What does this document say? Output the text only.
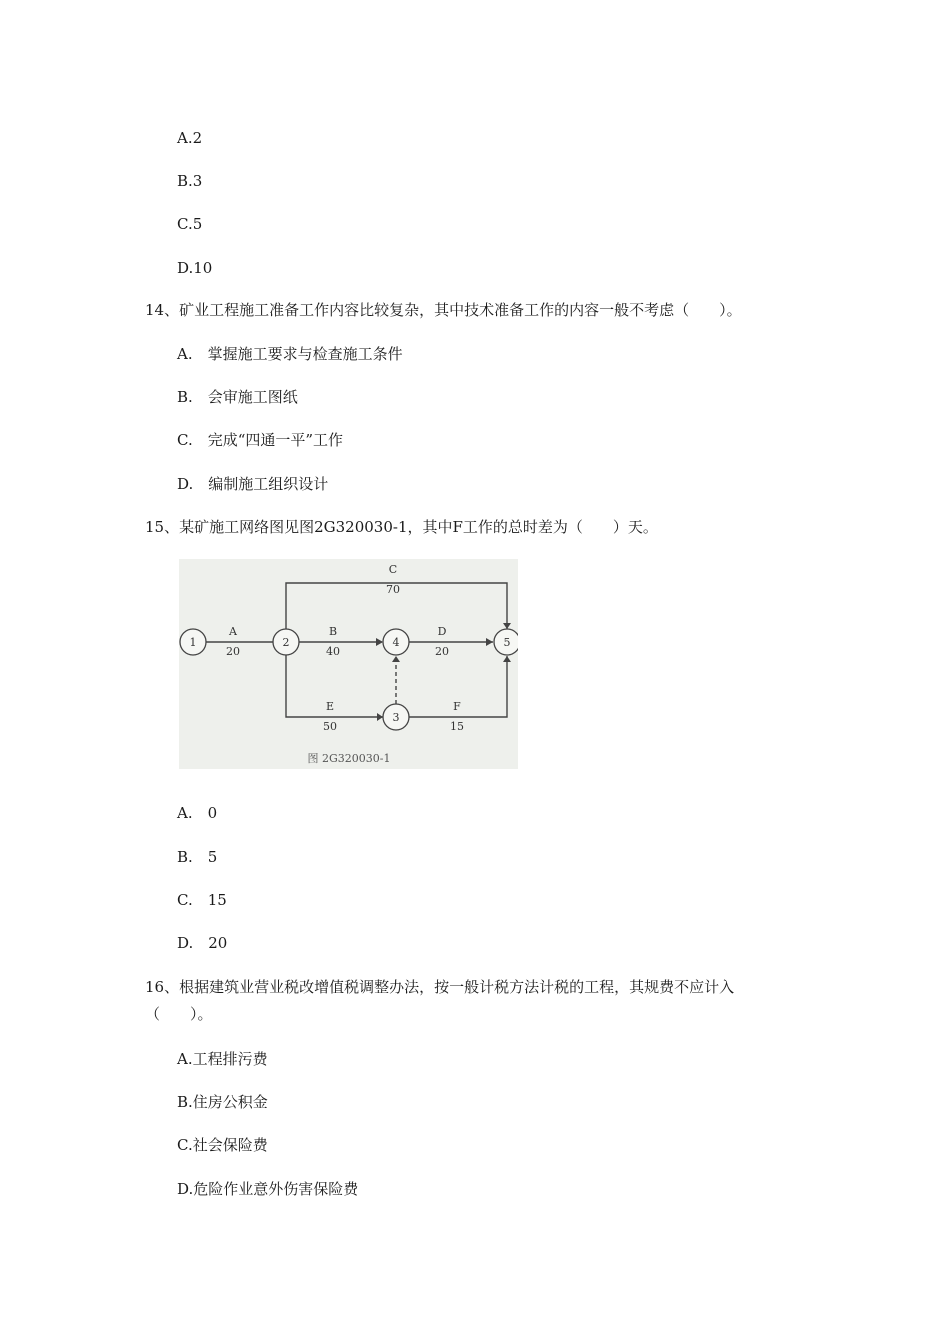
A.2
B.3
C.5
D.10
14、矿业工程施工准备工作内容比较复杂，其中技术准备工作的内容一般不考虑（　　）。
A.　掌握施工要求与检查施工条件
B.　会审施工图纸
C.　完成“四通一平”工作
D.　编制施工组织设计
15、某矿施工网络图见图2G320030-1，其中F工作的总时差为（　　）天。
1	2
3
4	5
A
20
B
40
C
70
D
20
E
50
F
15
图 2G320030-1
A.　0
B.　5
C.　15
D.　20
16、根据建筑业营业税改增值税调整办法，按一般计税方法计税的工程，其规费不应计入
（　　）。
A.工程排污费
B.住房公积金
C.社会保险费
D.危险作业意外伤害保险费
